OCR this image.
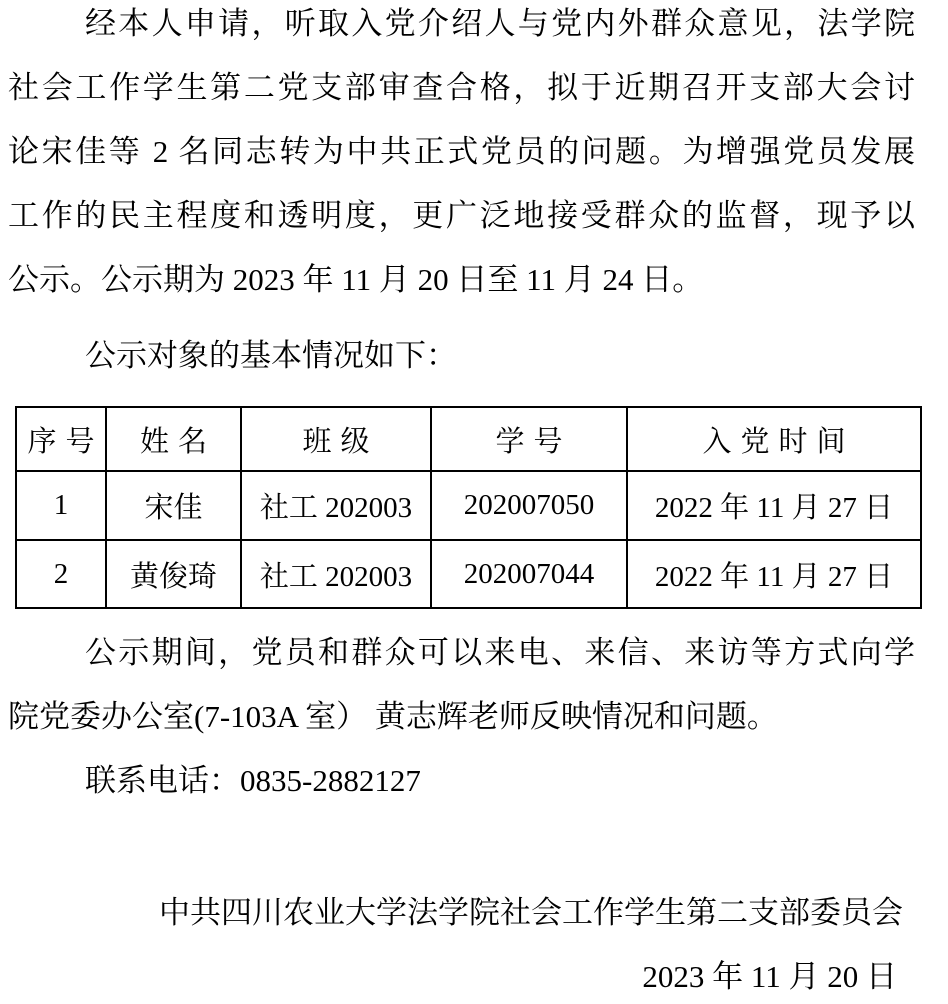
经本人申请，听取入党介绍人与党内外群众意见，法学院
社会工作学生第二党支部审查合格，拟于近期召开支部大会讨
论宋佳等 2 名同志转为中共正式党员的问题。为增强党员发展
工作的民主程度和透明度，更广泛地接受群众的监督，现予以
公示。公示期为 2023 年 11 月 20 日至 11 月 24 日。
公示对象的基本情况如下：
序号	姓名	班级	学号	入党时间
1	宋佳	社工 202003	202007050	2022 年 11 月 27 日
2	黄俊琦	社工 202003	202007044	2022 年 11 月 27 日
公示期间，党员和群众可以来电、来信、来访等方式向学
院党委办公室(7-103A 室） 黄志辉老师反映情况和问题。
联系电话：0835-2882127
中共四川农业大学法学院社会工作学生第二支部委员会
2023 年 11 月 20 日
